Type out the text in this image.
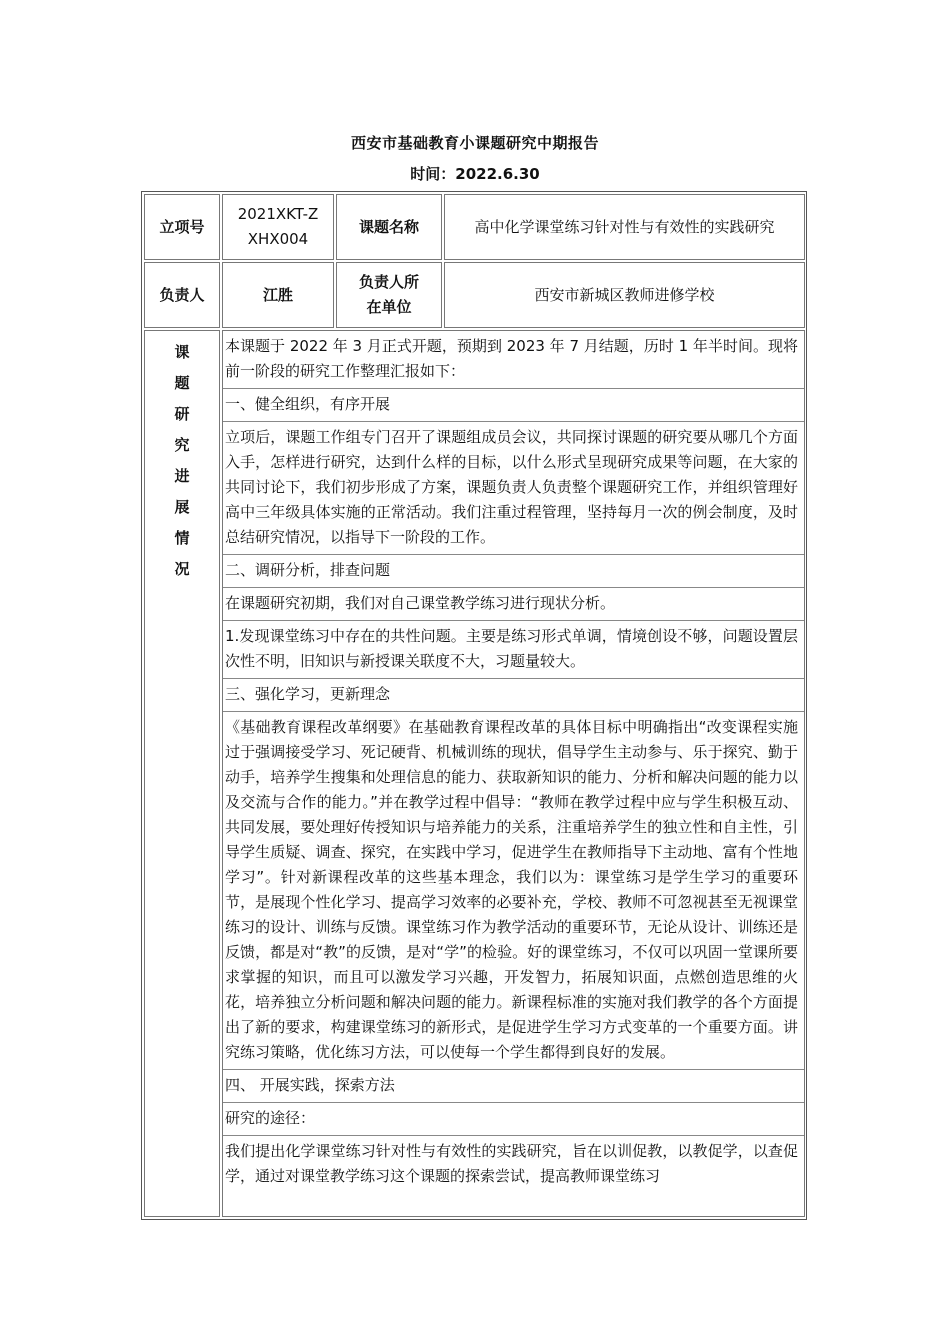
西安市基础教育小课题研究中期报告
时间：2022.6.30
立项号
2021XKT-ZXHX004
课题名称	高中化学课堂练习针对性与有效性的实践研究
负责人	江胜
负责人所在单位
西安市新城区教师进修学校
课题研究进展情况
本课题于 2022 年 3 月正式开题，预期到 2023 年 7 月结题，历时 1 年半时间。现将前一阶段的研究工作整理汇报如下：
一、健全组织，有序开展
立项后，课题工作组专门召开了课题组成员会议，共同探讨课题的研究要从哪几个方面入手，怎样进行研究，达到什么样的目标，以什么形式呈现研究成果等问题，在大家的共同讨论下，我们初步形成了方案，课题负责人负责整个课题研究工作，并组织管理好高中三年级具体实施的正常活动。我们注重过程管理，坚持每月一次的例会制度，及时总结研究情况，以指导下一阶段的工作。
二、调研分析，排查问题
在课题研究初期，我们对自己课堂教学练习进行现状分析。
1.发现课堂练习中存在的共性问题。主要是练习形式单调，情境创设不够，问题设置层次性不明，旧知识与新授课关联度不大，习题量较大。
三、强化学习，更新理念
《基础教育课程改革纲要》在基础教育课程改革的具体目标中明确指出“改变课程实施过于强调接受学习、死记硬背、机械训练的现状，倡导学生主动参与、乐于探究、勤于动手，培养学生搜集和处理信息的能力、获取新知识的能力、分析和解决问题的能力以及交流与合作的能力。”并在教学过程中倡导：“教师在教学过程中应与学生积极互动、共同发展，要处理好传授知识与培养能力的关系，注重培养学生的独立性和自主性，引导学生质疑、调查、探究，在实践中学习，促进学生在教师指导下主动地、富有个性地学习”。针对新课程改革的这些基本理念，我们以为：课堂练习是学生学习的重要环节，是展现个性化学习、提高学习效率的必要补充，学校、教师不可忽视甚至无视课堂练习的设计、训练与反馈。课堂练习作为教学活动的重要环节，无论从设计、训练还是反馈，都是对“教”的反馈，是对“学”的检验。好的课堂练习，不仅可以巩固一堂课所要求掌握的知识，而且可以激发学习兴趣，开发智力，拓展知识面，点燃创造思维的火花，培养独立分析问题和解决问题的能力。新课程标准的实施对我们教学的各个方面提出了新的要求，构建课堂练习的新形式，是促进学生学习方式变革的一个重要方面。讲究练习策略，优化练习方法，可以使每一个学生都得到良好的发展。
四、 开展实践，探索方法
研究的途径：
我们提出化学课堂练习针对性与有效性的实践研究，旨在以训促教，以教促学，以查促学，通过对课堂教学练习这个课题的探索尝试，提高教师课堂练习
